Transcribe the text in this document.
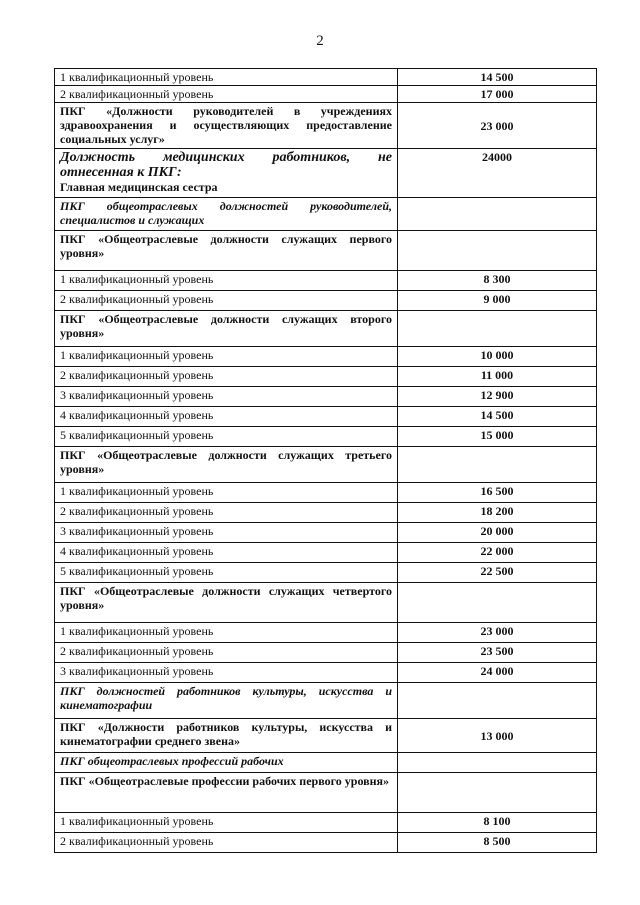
2
1 квалификационный уровень	14 500
2 квалификационный уровень	17 000
ПКГ «Должности руководителей в учреждениях здравоохранения и осуществляющих предоставление социальных услуг»	23 000

Должность медицинских работников, не отнесенная к ПКГ:
Главная медицинская сестра	24000
ПКГ общеотраслевых должностей руководителей, специалистов и служащих	
ПКГ «Общеотраслевые должности служащих первого уровня»	
1 квалификационный уровень	8 300
2 квалификационный уровень	9 000
ПКГ «Общеотраслевые должности служащих второго уровня»	
1 квалификационный уровень	10 000
2 квалификационный уровень	11 000
3 квалификационный уровень	12 900
4 квалификационный уровень	14 500
5 квалификационный уровень	15 000
ПКГ «Общеотраслевые должности служащих третьего уровня»	
1 квалификационный уровень	16 500
2 квалификационный уровень	18 200
3 квалификационный уровень	20 000
4 квалификационный уровень	22 000
5 квалификационный уровень	22 500
ПКГ «Общеотраслевые должности служащих четвертого уровня»	
1 квалификационный уровень	23 000
2 квалификационный уровень	23 500
3 квалификационный уровень	24 000
ПКГ должностей работников культуры, искусства и кинематографии	
ПКГ «Должности работников культуры, искусства и кинематографии среднего звена»	13 000
ПКГ общеотраслевых профессий рабочих	
ПКГ «Общеотраслевые профессии рабочих первого уровня»	
1 квалификационный уровень	8 100
2 квалификационный уровень	8 500
